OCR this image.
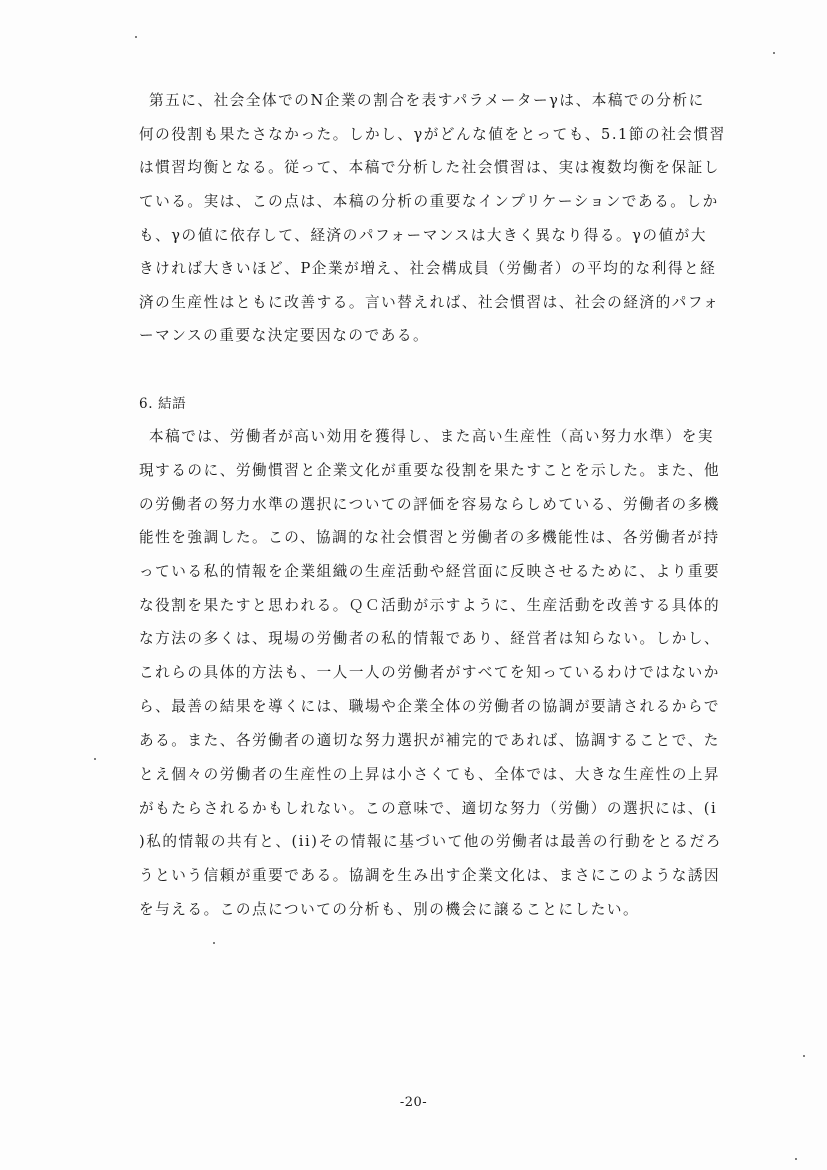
第五に、社会全体でのN企業の割合を表すパラメーターγは、本稿での分析に
何の役割も果たさなかった。しかし、γがどんな値をとっても、5.1節の社会慣習
は慣習均衡となる。従って、本稿で分析した社会慣習は、実は複数均衡を保証し
ている。実は、この点は、本稿の分析の重要なインプリケーションである。しか
も、γの値に依存して、経済のパフォーマンスは大きく異なり得る。γの値が大
きければ大きいほど、P企業が増え、社会構成員（労働者）の平均的な利得と経
済の生産性はともに改善する。言い替えれば、社会慣習は、社会の経済的パフォ
ーマンスの重要な決定要因なのである。
6. 結語
本稿では、労働者が高い効用を獲得し、また高い生産性（高い努力水準）を実
現するのに、労働慣習と企業文化が重要な役割を果たすことを示した。また、他
の労働者の努力水準の選択についての評価を容易ならしめている、労働者の多機
能性を強調した。この、協調的な社会慣習と労働者の多機能性は、各労働者が持
っている私的情報を企業組織の生産活動や経営面に反映させるために、より重要
な役割を果たすと思われる。ＱＣ活動が示すように、生産活動を改善する具体的
な方法の多くは、現場の労働者の私的情報であり、経営者は知らない。しかし、
これらの具体的方法も、一人一人の労働者がすべてを知っているわけではないか
ら、最善の結果を導くには、職場や企業全体の労働者の協調が要請されるからで
ある。また、各労働者の適切な努力選択が補完的であれば、協調することで、た
とえ個々の労働者の生産性の上昇は小さくても、全体では、大きな生産性の上昇
がもたらされるかもしれない。この意味で、適切な努力（労働）の選択には、(i
)私的情報の共有と、(ii)その情報に基づいて他の労働者は最善の行動をとるだろ
うという信頼が重要である。協調を生み出す企業文化は、まさにこのような誘因
を与える。この点についての分析も、別の機会に譲ることにしたい。
-20-
